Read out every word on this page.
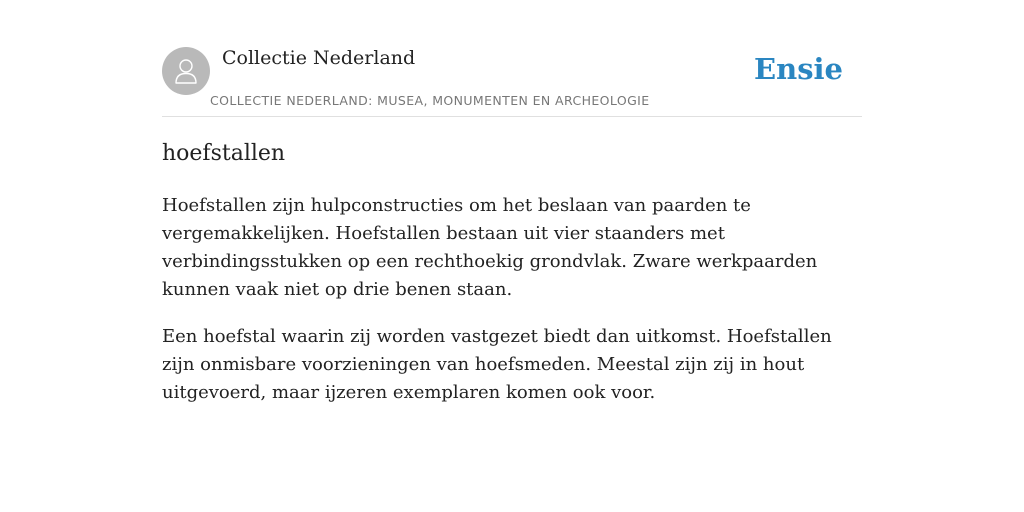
Collectie Nederland
COLLECTIE NEDERLAND: MUSEA, MONUMENTEN EN ARCHEOLOGIE
Ensie
hoefstallen

Hoefstallen zijn hulpconstructies om het beslaan van paarden te vergemakkelijken. Hoefstallen bestaan uit vier staanders met verbindingsstukken op een rechthoekig grondvlak. Zware werkpaarden kunnen vaak niet op drie benen staan.

Een hoefstal waarin zij worden vastgezet biedt dan uitkomst. Hoefstallen zijn onmisbare voorzieningen van hoefsmeden. Meestal zijn zij in hout uitgevoerd, maar ijzeren exemplaren komen ook voor.
